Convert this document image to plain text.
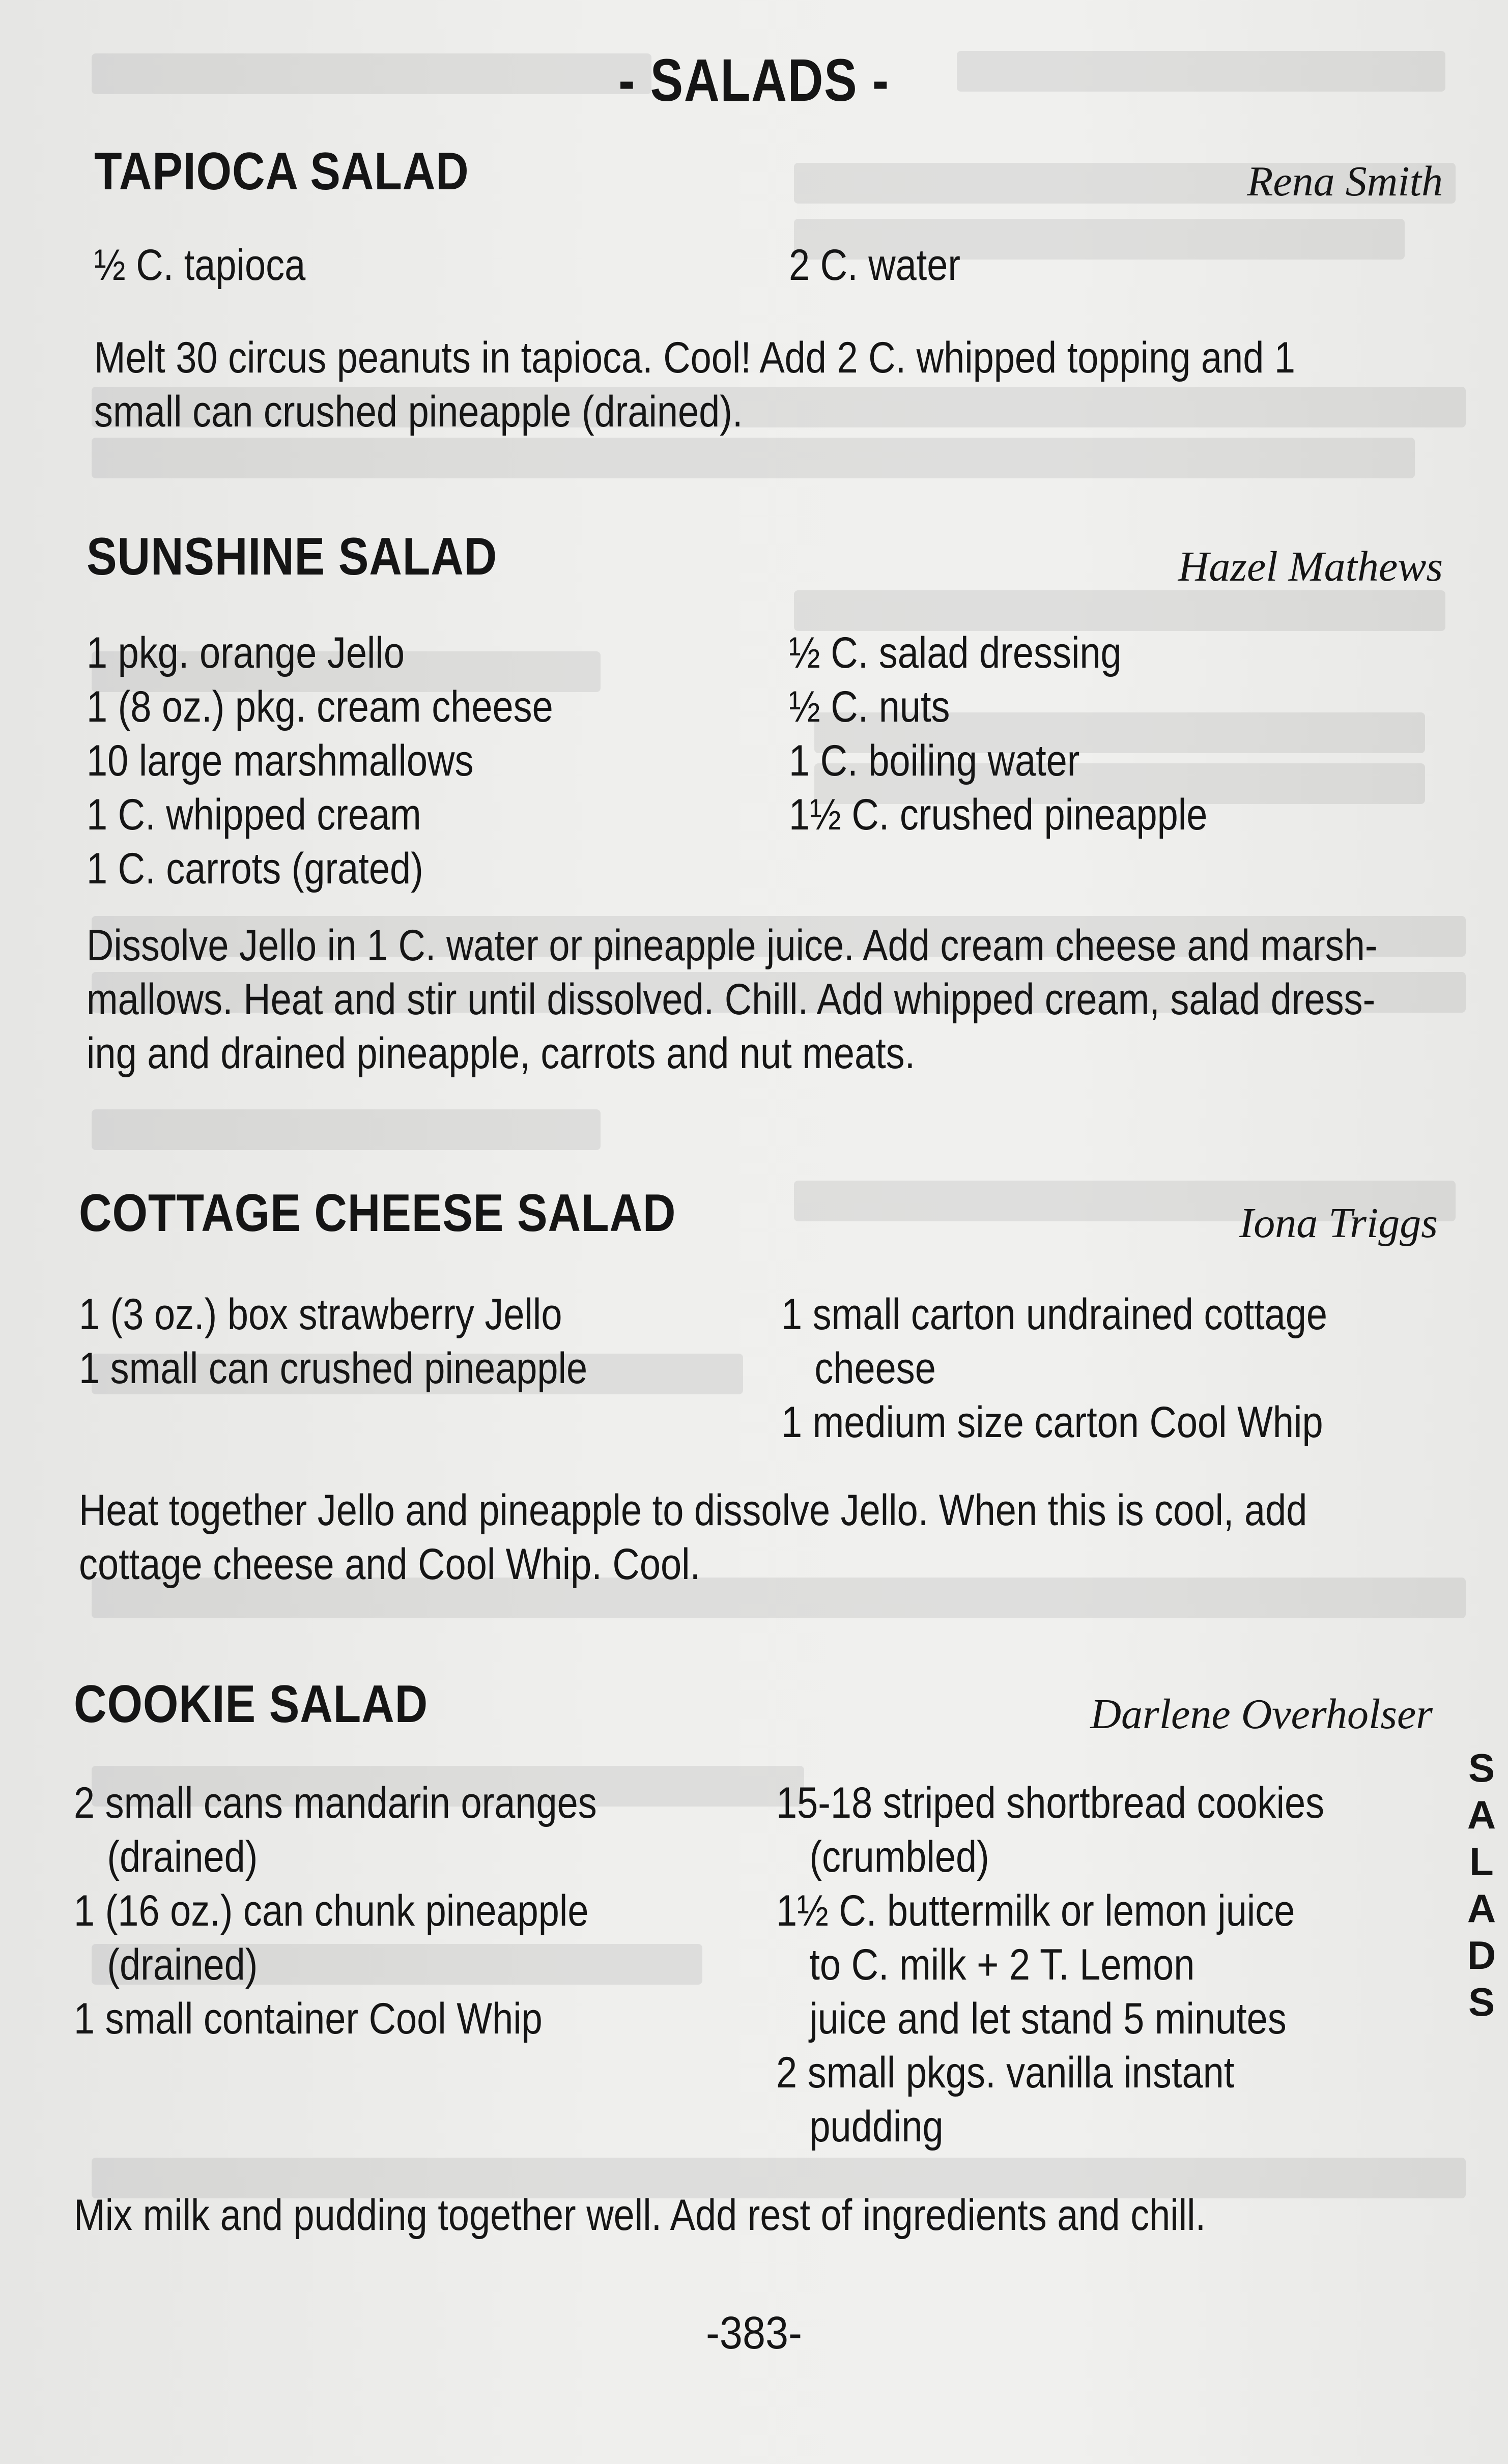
- SALADS -
TAPIOCA SALAD	Rena Smith
½ C. tapioca	2 C. water
Melt 30 circus peanuts in tapioca. Cool! Add 2 C. whipped topping and 1
small can crushed pineapple (drained).
SUNSHINE SALAD	Hazel Mathews
1 pkg. orange Jello
1 (8 oz.) pkg. cream cheese
10 large marshmallows
1 C. whipped cream
1 C. carrots (grated)
½ C. salad dressing
½ C. nuts
1 C. boiling water
1½ C. crushed pineapple
Dissolve Jello in 1 C. water or pineapple juice. Add cream cheese and marsh-
mallows. Heat and stir until dissolved. Chill. Add whipped cream, salad dress-
ing and drained pineapple, carrots and nut meats.
COTTAGE CHEESE SALAD	Iona Triggs
1 (3 oz.) box strawberry Jello
1 small can crushed pineapple
1 small carton undrained cottage
cheese
1 medium size carton Cool Whip
Heat together Jello and pineapple to dissolve Jello. When this is cool, add
cottage cheese and Cool Whip. Cool.
COOKIE SALAD	Darlene Overholser
2 small cans mandarin oranges
(drained)
1 (16 oz.) can chunk pineapple
(drained)
1 small container Cool Whip
15-18 striped shortbread cookies
(crumbled)
1½ C. buttermilk or lemon juice
to C. milk + 2 T. Lemon
juice and let stand 5 minutes
2 small pkgs. vanilla instant
pudding
Mix milk and pudding together well. Add rest of ingredients and chill.
S
A
L
A
D
S
-383-
